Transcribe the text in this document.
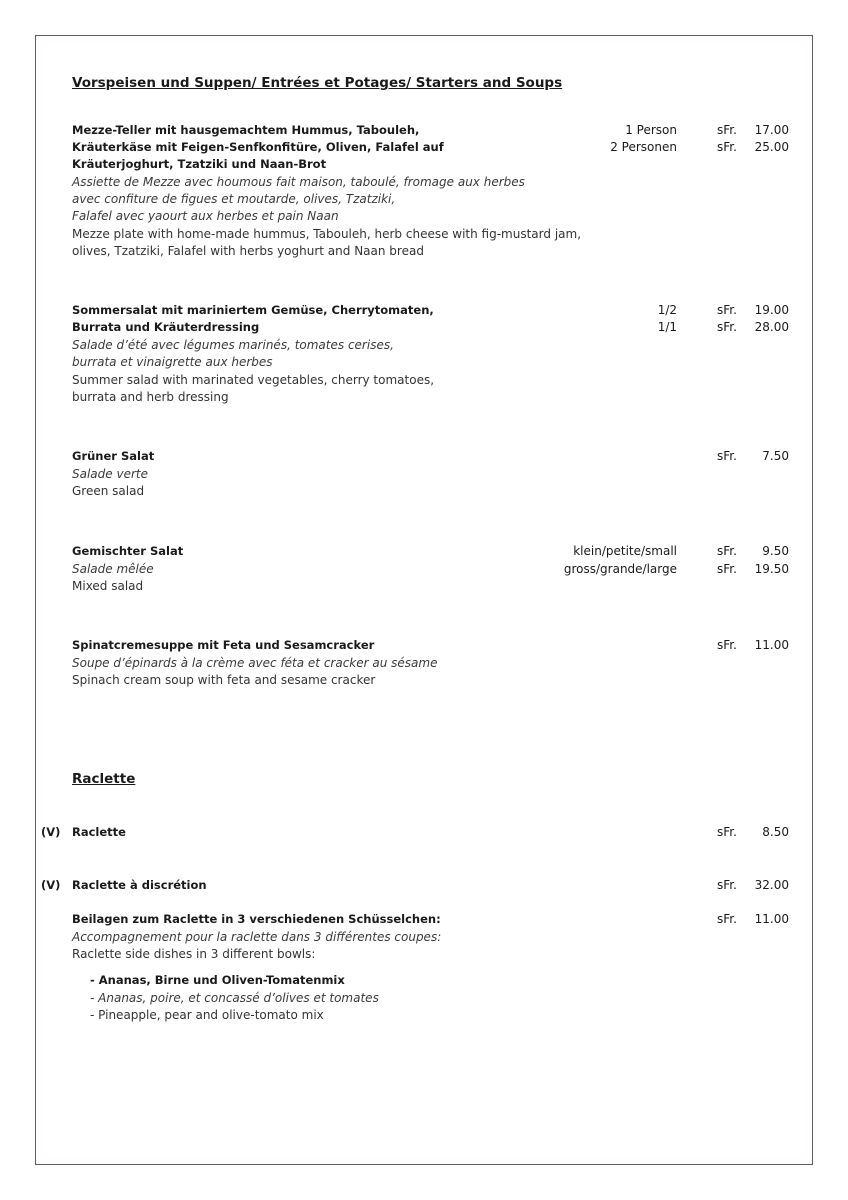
Vorspeisen und Suppen/ Entrées et Potages/ Starters and Soups
Mezze-Teller mit hausgemachtem Hummus, Tabouleh,
Kräuterkäse mit Feigen-Senfkonfitüre, Oliven, Falafel auf
Kräuterjoghurt, Tzatziki und Naan-Brot
Assiette de Mezze avec houmous fait maison, taboulé, fromage aux herbes
avec confiture de figues et moutarde, olives, Tzatziki,
Falafel avec yaourt aux herbes et pain Naan
Mezze plate with home-made hummus, Tabouleh, herb cheese with fig-mustard jam,
olives, Tzatziki, Falafel with herbs yoghurt and Naan bread
1 Person	sFr.	17.00
2 Personen	sFr.	25.00
Sommersalat mit mariniertem Gemüse, Cherrytomaten,
Burrata und Kräuterdressing
Salade d’été avec légumes marinés, tomates cerises,
burrata et vinaigrette aux herbes
Summer salad with marinated vegetables, cherry tomatoes,
burrata and herb dressing
1/2	sFr.	19.00
1/1	sFr.	28.00
Grüner Salat
Salade verte
Green salad
sFr.	7.50
Gemischter Salat
Salade mêlée
Mixed salad
klein/petite/small	sFr.	9.50
gross/grande/large	sFr.	19.50
Spinatcremesuppe mit Feta und Sesamcracker
Soupe d’épinards à la crème avec féta et cracker au sésame
Spinach cream soup with feta and sesame cracker
sFr.	11.00
Raclette
(V) Raclette	sFr.	8.50
(V) Raclette à discrétion	sFr.	32.00
Beilagen zum Raclette in 3 verschiedenen Schüsselchen:
Accompagnement pour la raclette dans 3 différentes coupes:
Raclette side dishes in 3 different bowls:
sFr.	11.00
- Ananas, Birne und Oliven-Tomatenmix
- Ananas, poire, et concassé d’olives et tomates
- Pineapple, pear and olive-tomato mix
